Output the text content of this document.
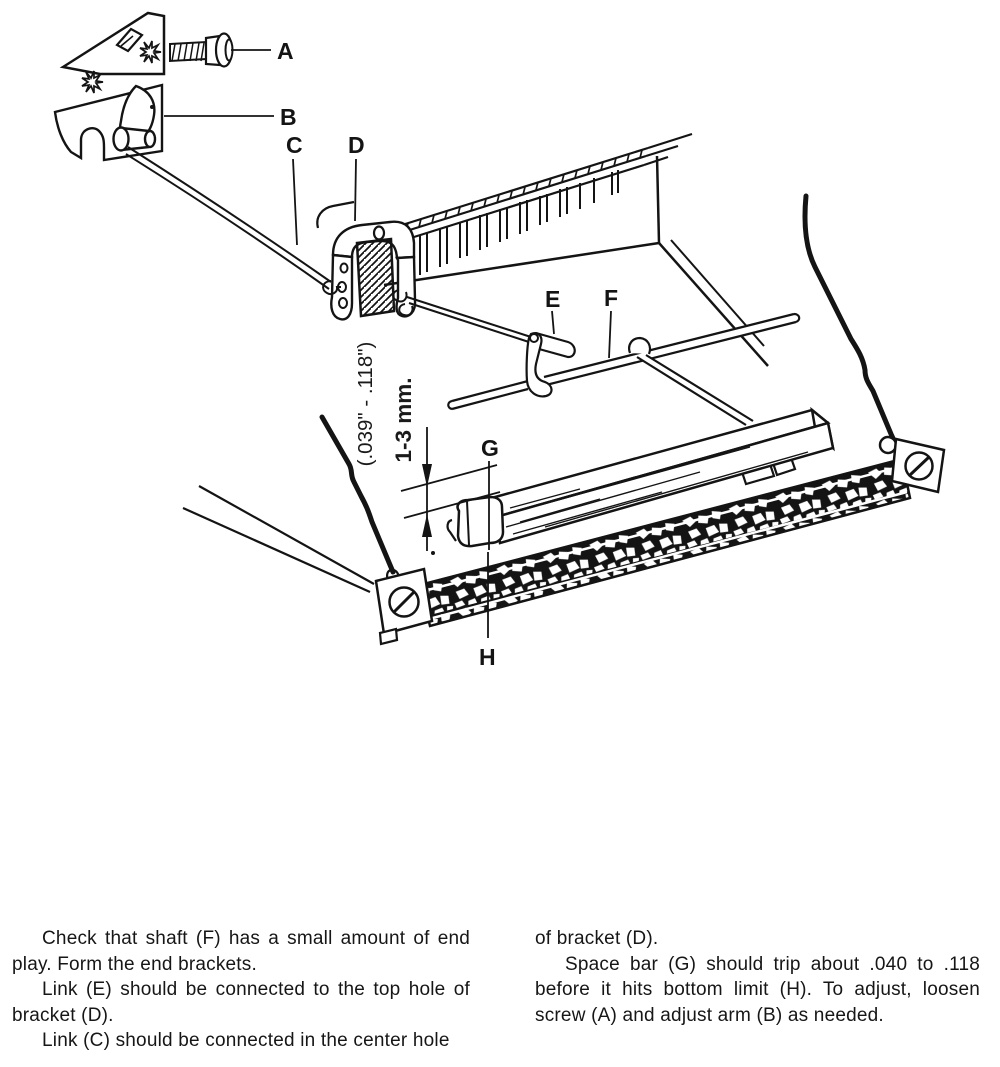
(.039" - .118") 1-3 mm.
A
B
C D
E F
G
H

Check that shaft (F) has a small amount of end play. Form the end brackets.

Link (E) should be connected to the top hole of bracket (D).

Link (C) should be connected in the center hole

of bracket (D).

Space bar (G) should trip about .040 to .118 before it hits bottom limit (H). To adjust, loosen screw (A) and adjust arm (B) as needed.
